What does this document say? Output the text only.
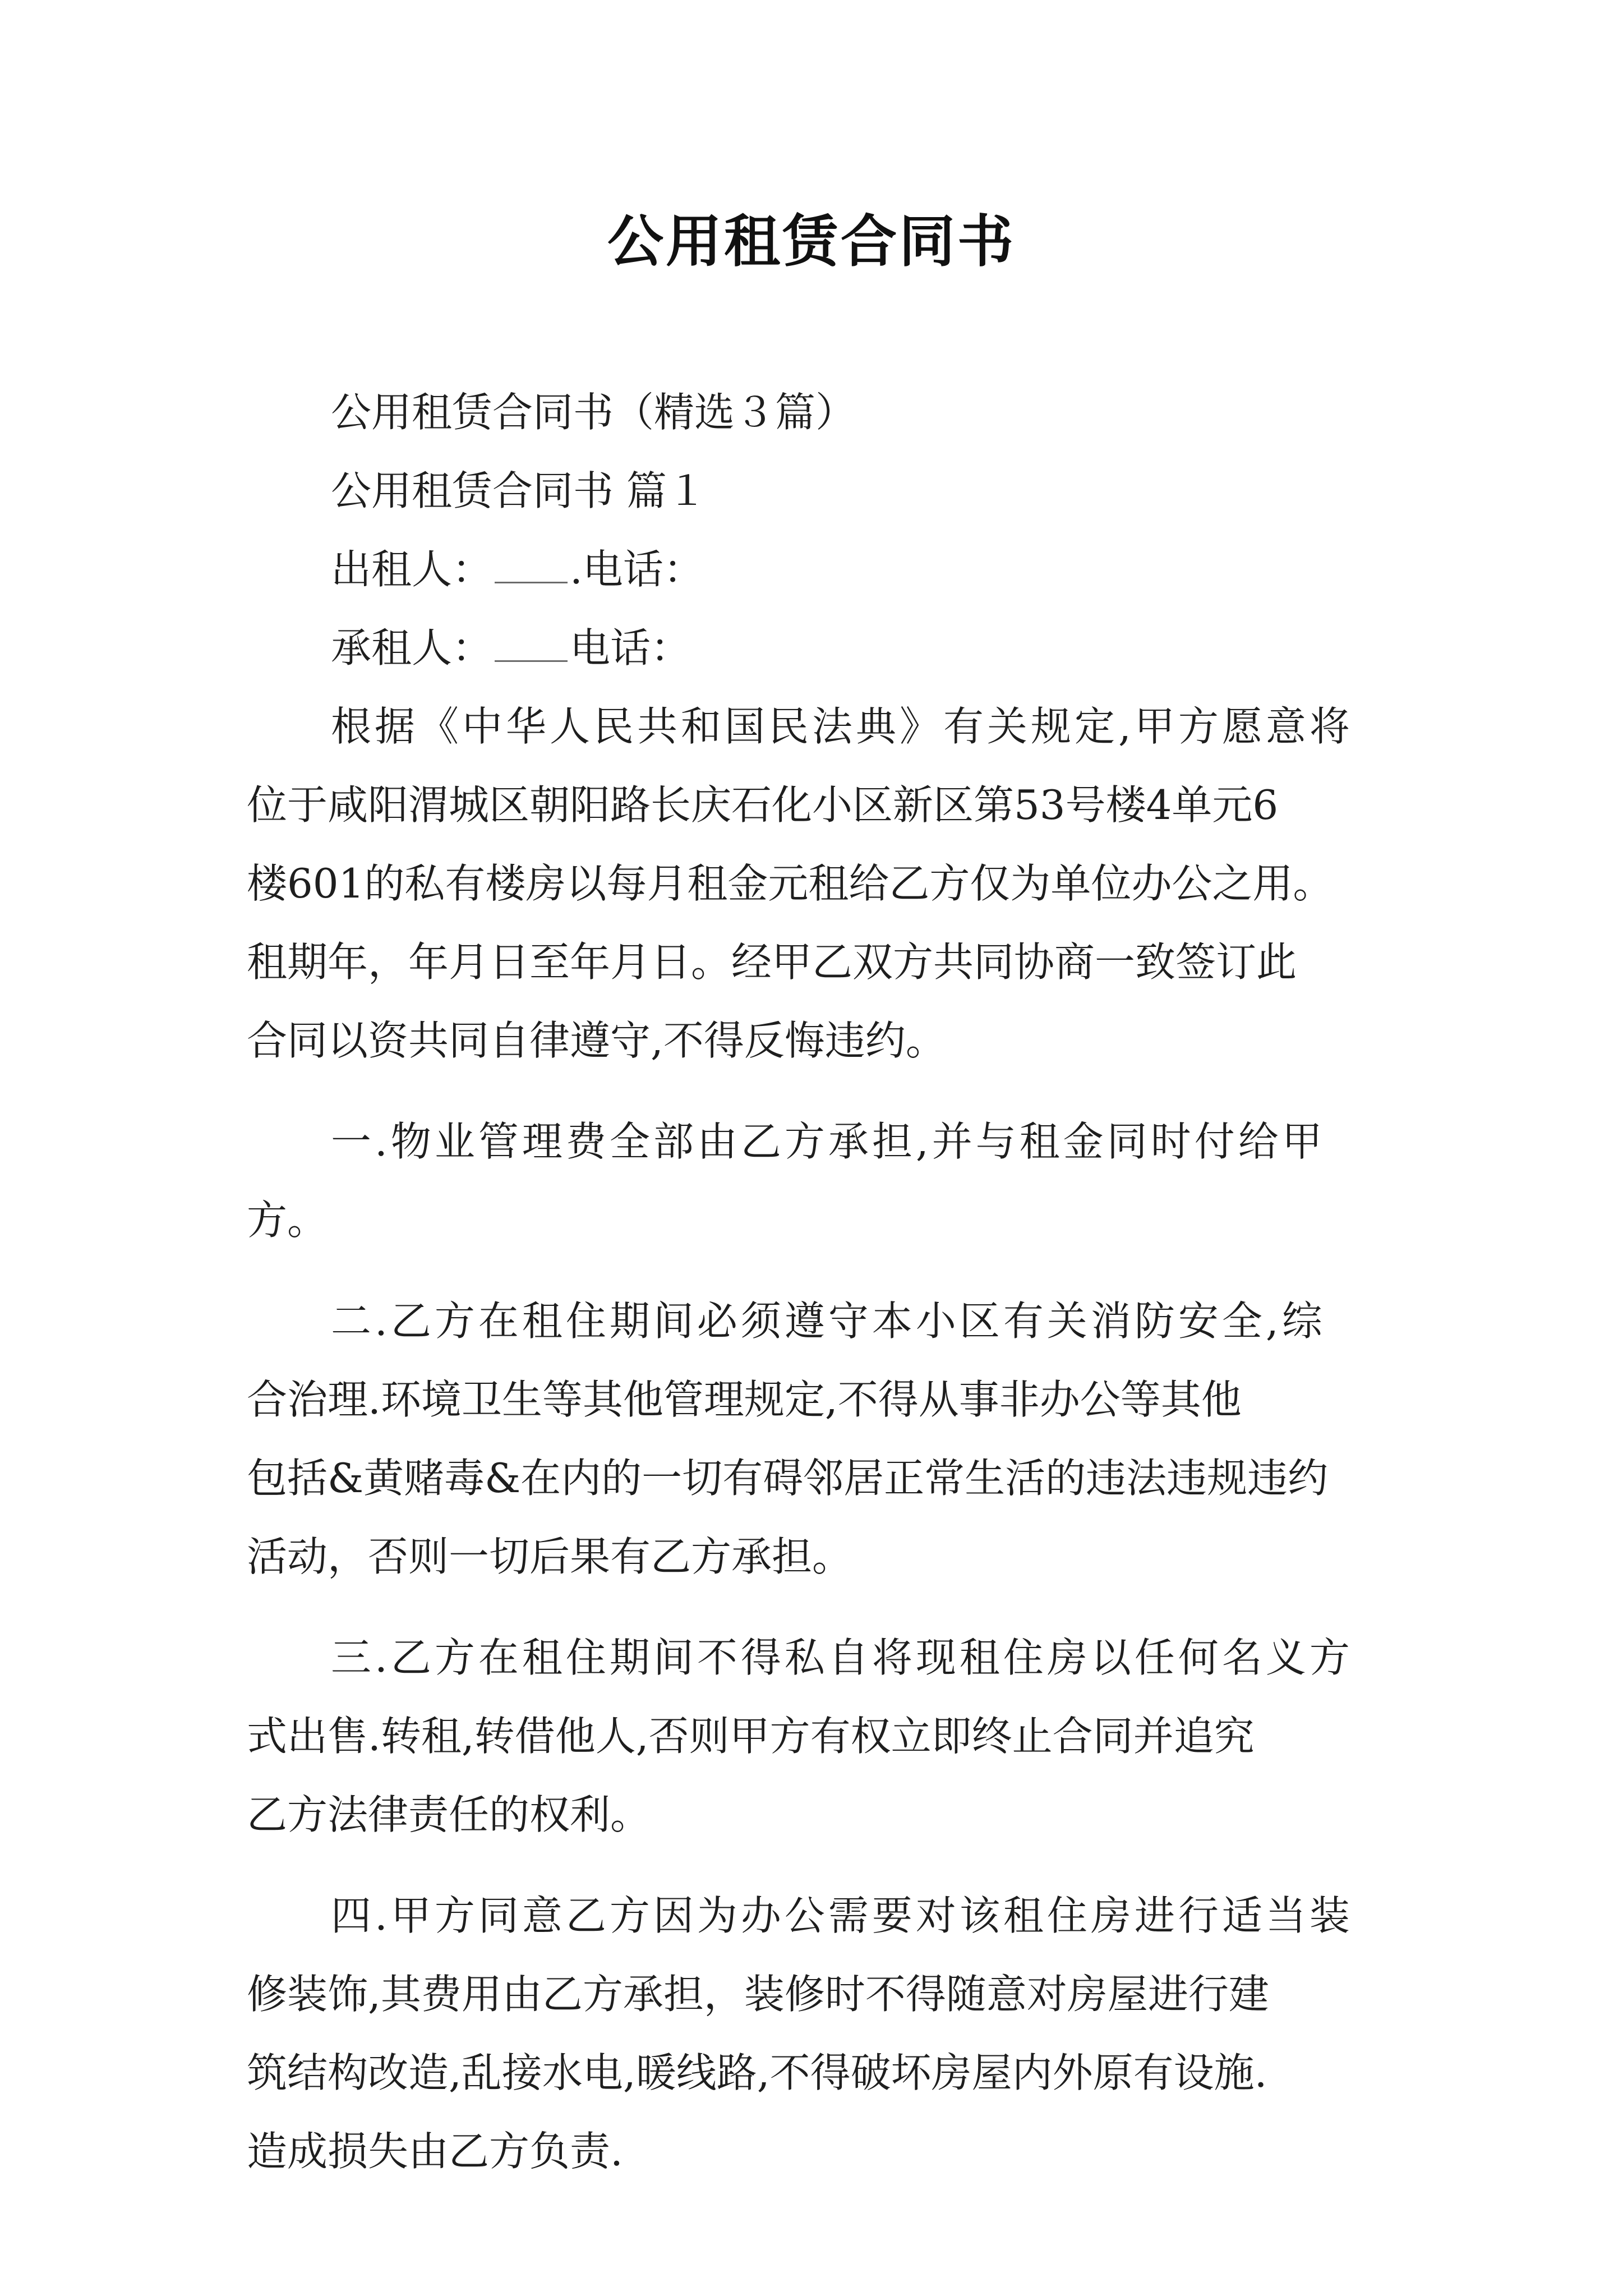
公用租赁合同书
公用租赁合同书（精选３篇）
公用租赁合同书 篇１
出租人： .电话：
承租人： 电话：
根据《中华人民共和国民法典》有关规定,甲方愿意将
位于咸阳渭城区朝阳路长庆石化小区新区第53号楼4单元6
楼601的私有楼房以每月租金元租给乙方仅为单位办公之用。
租期年，年月日至年月日。经甲乙双方共同协商一致签订此
合同以资共同自律遵守,不得反悔违约。
一.物业管理费全部由乙方承担,并与租金同时付给甲
方。
二.乙方在租住期间必须遵守本小区有关消防安全,综
合治理.环境卫生等其他管理规定,不得从事非办公等其他
包括&黄赌毒&在内的一切有碍邻居正常生活的违法违规违约
活动，否则一切后果有乙方承担。
三.乙方在租住期间不得私自将现租住房以任何名义方
式出售.转租,转借他人,否则甲方有权立即终止合同并追究
乙方法律责任的权利。
四.甲方同意乙方因为办公需要对该租住房进行适当装
修装饰,其费用由乙方承担，装修时不得随意对房屋进行建
筑结构改造,乱接水电,暖线路,不得破坏房屋内外原有设施.
造成损失由乙方负责.
